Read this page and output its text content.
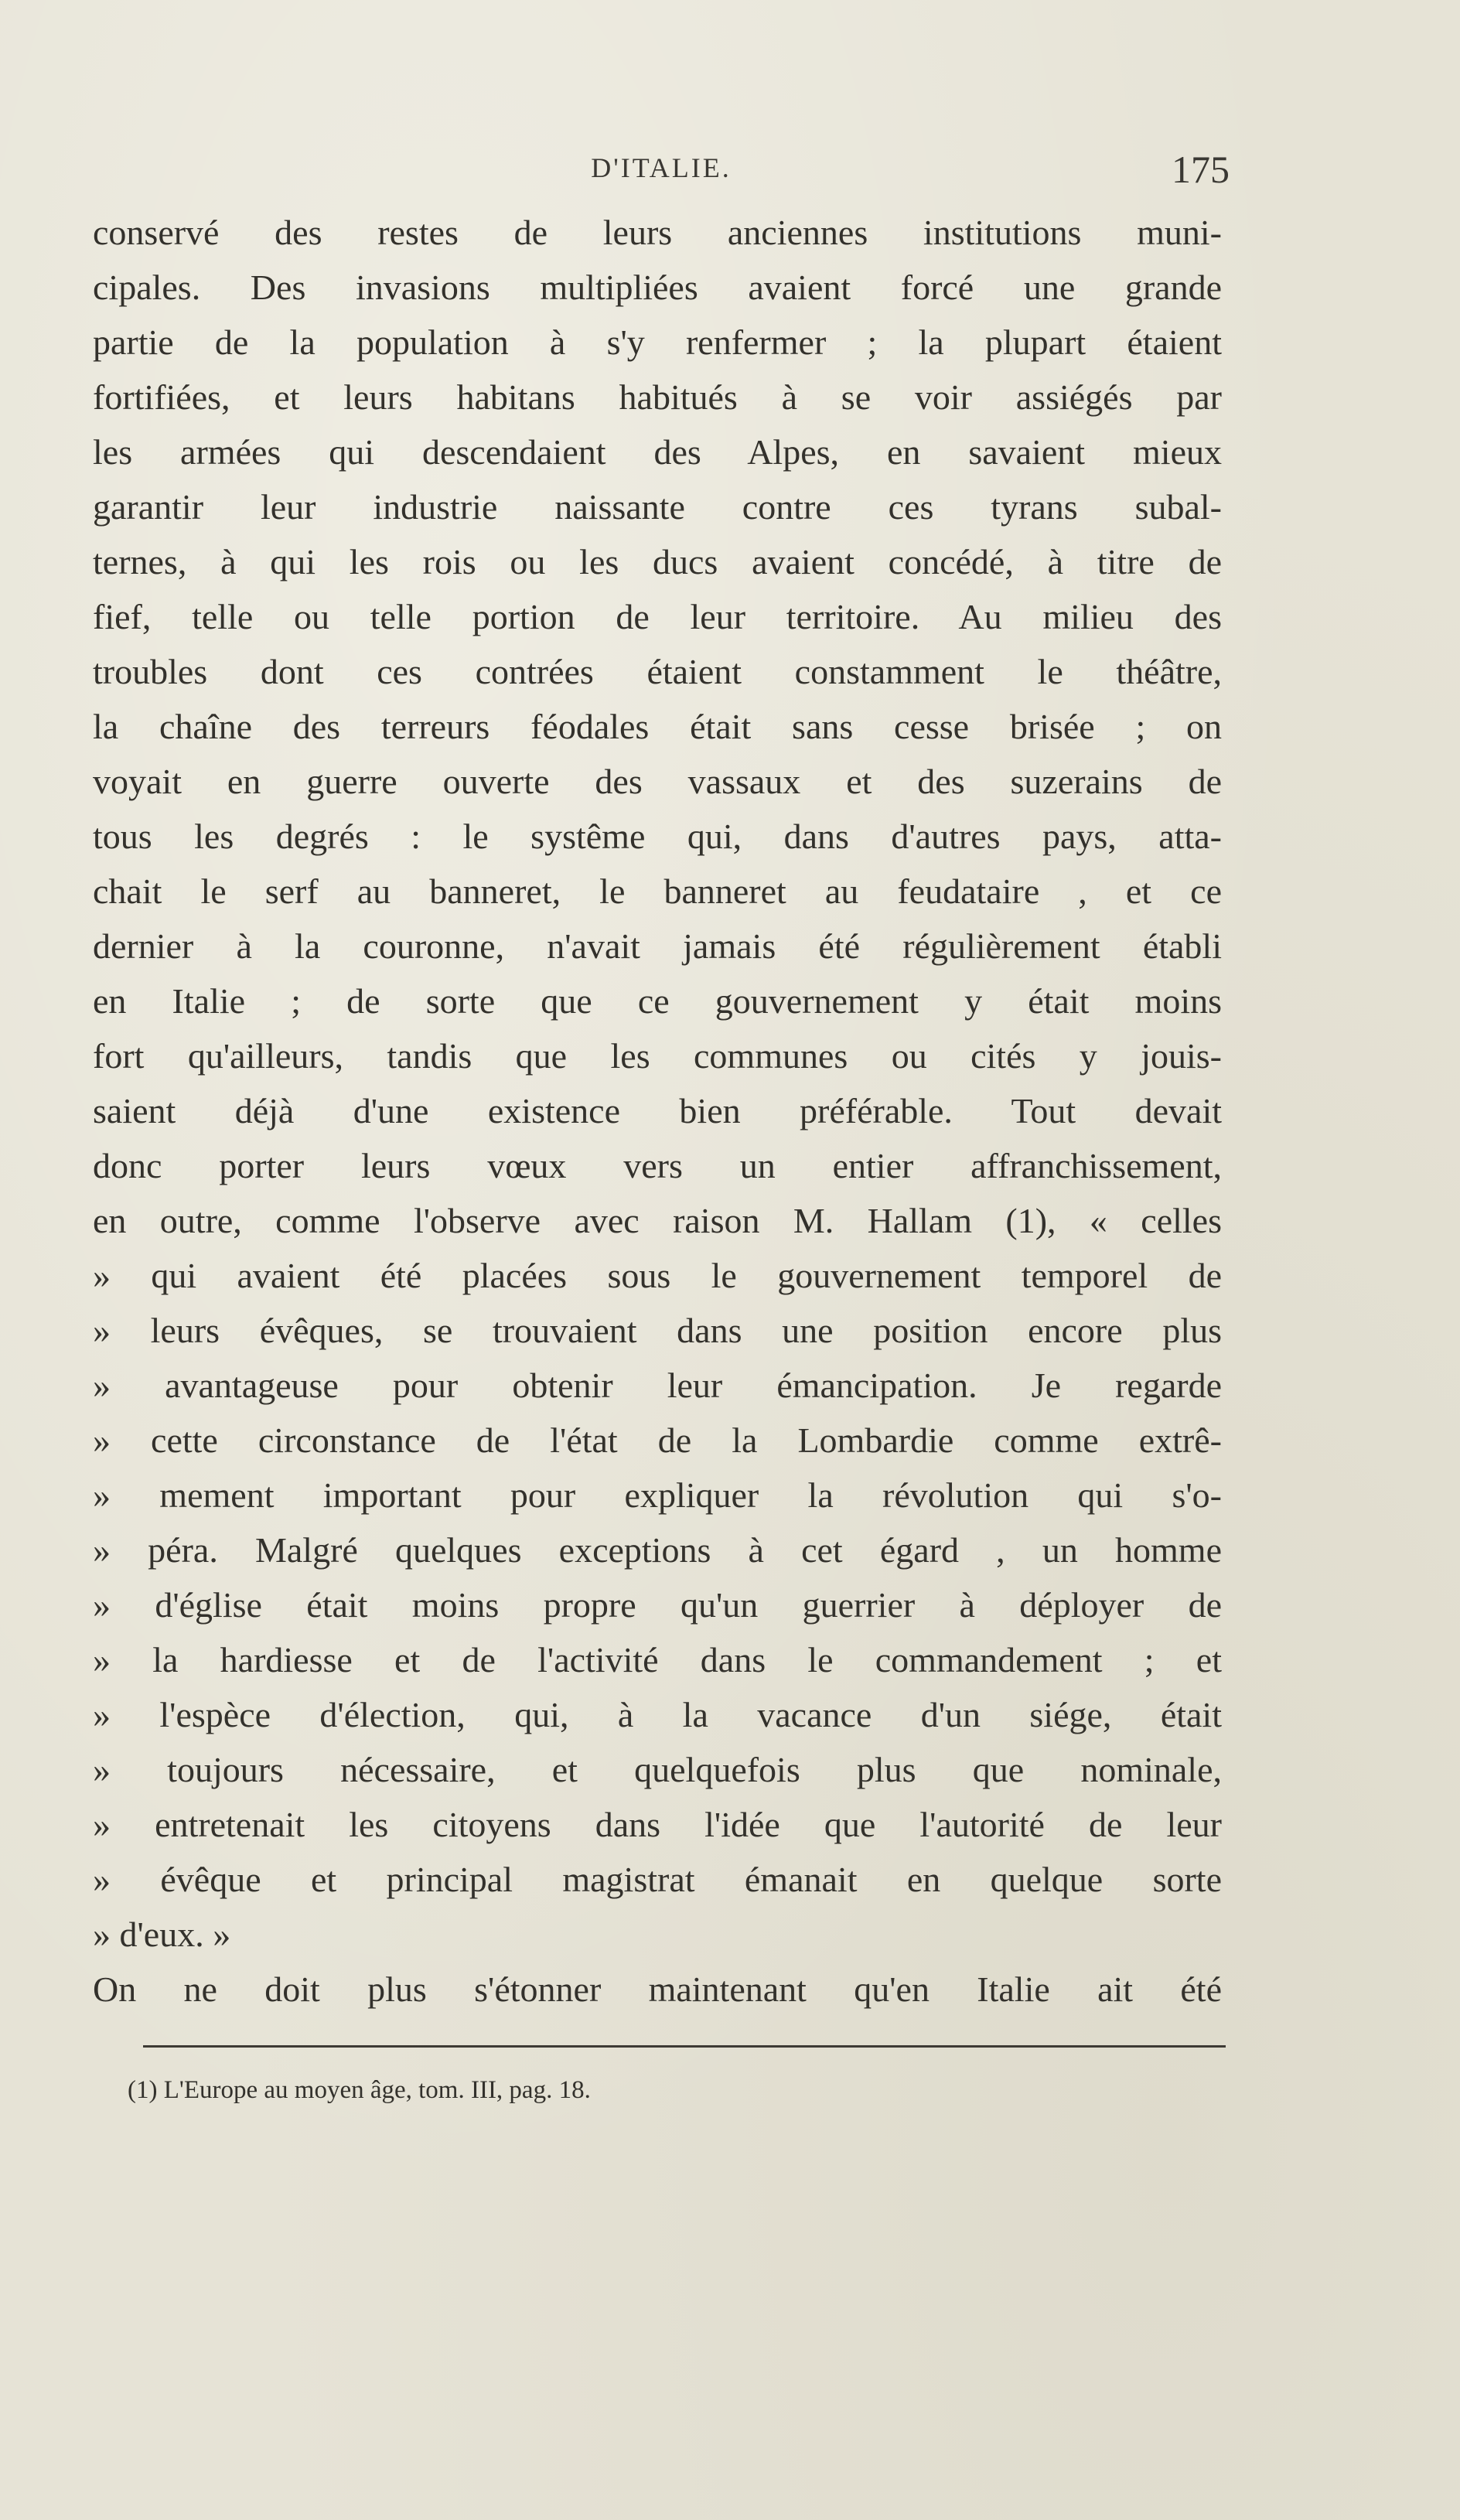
D'ITALIE.	175
conservé des restes de leurs anciennes institutions muni-
cipales. Des invasions multipliées avaient forcé une grande
partie de la population à s'y renfermer ; la plupart étaient
fortifiées, et leurs habitans habitués à se voir assiégés par
les armées qui descendaient des Alpes, en savaient mieux
garantir leur industrie naissante contre ces tyrans subal-
ternes, à qui les rois ou les ducs avaient concédé, à titre de
fief, telle ou telle portion de leur territoire. Au milieu des
troubles dont ces contrées étaient constamment le théâtre,
la chaîne des terreurs féodales était sans cesse brisée ; on
voyait en guerre ouverte des vassaux et des suzerains de
tous les degrés : le systême qui, dans d'autres pays, atta-
chait le serf au banneret, le banneret au feudataire , et ce
dernier à la couronne, n'avait jamais été régulièrement établi
en Italie ; de sorte que ce gouvernement y était moins
fort qu'ailleurs, tandis que les communes ou cités y jouis-
saient déjà d'une existence bien préférable. Tout devait
donc porter leurs vœux vers un entier affranchissement,
en outre, comme l'observe avec raison M. Hallam (1), « celles
» qui avaient été placées sous le gouvernement temporel de
» leurs évêques, se trouvaient dans une position encore plus
» avantageuse pour obtenir leur émancipation. Je regarde
» cette circonstance de l'état de la Lombardie comme extrê-
» mement important pour expliquer la révolution qui s'o-
» péra. Malgré quelques exceptions à cet égard , un homme
» d'église était moins propre qu'un guerrier à déployer de
» la hardiesse et de l'activité dans le commandement ; et
» l'espèce d'élection, qui, à la vacance d'un siége, était
» toujours nécessaire, et quelquefois plus que nominale,
» entretenait les citoyens dans l'idée que l'autorité de leur
» évêque et principal magistrat émanait en quelque sorte
» d'eux. »
On ne doit plus s'étonner maintenant qu'en Italie ait été
(1) L'Europe au moyen âge, tom. III, pag. 18.
